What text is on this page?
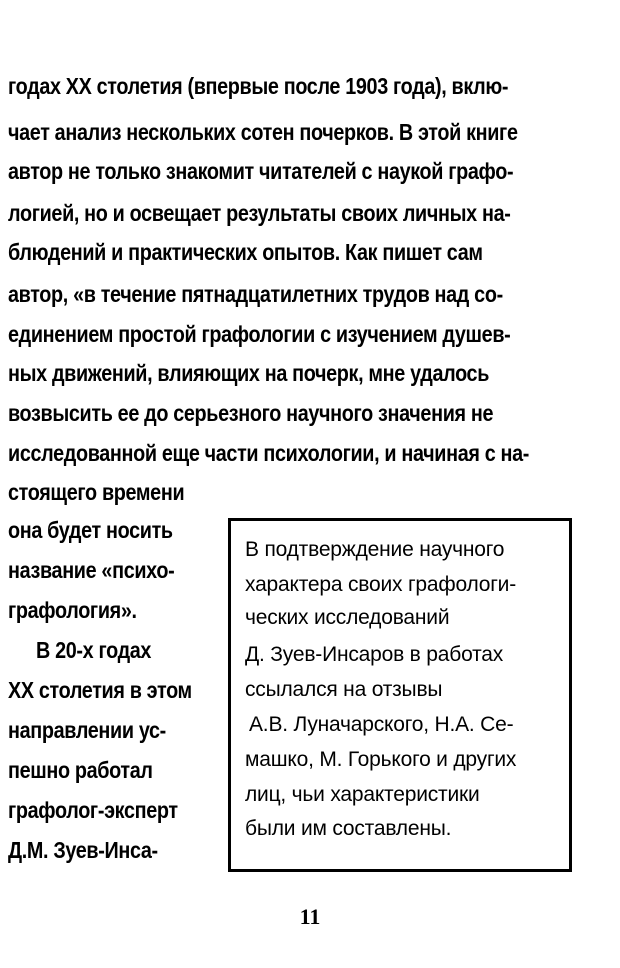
годах XX столетия (впервые после 1903 года), вклю-
чает анализ нескольких сотен почерков. В этой книге
автор не только знакомит читателей с наукой графо-
логией, но и освещает результаты своих личных на-
блюдений и практических опытов. Как пишет сам
автор, «в течение пятнадцатилетних трудов над со-
единением простой графологии с изучением душев-
ных движений, влияющих на почерк, мне удалось
возвысить ее до серьезного научного значения не
исследованной еще части психологии, и начиная с на-
стоящего времени
она будет носить
название «психо-
графология».
В 20-х годах
XX столетия в этом
направлении ус-
пешно работал
графолог-эксперт
Д.М. Зуев-Инса-
В подтверждение научного
характера своих графологи-
ческих исследований
Д. Зуев-Инсаров в работах
ссылался на отзывы
А.В. Луначарского, Н.А. Се-
машко, М. Горького и других
лиц, чьи характеристики
были им составлены.
11
